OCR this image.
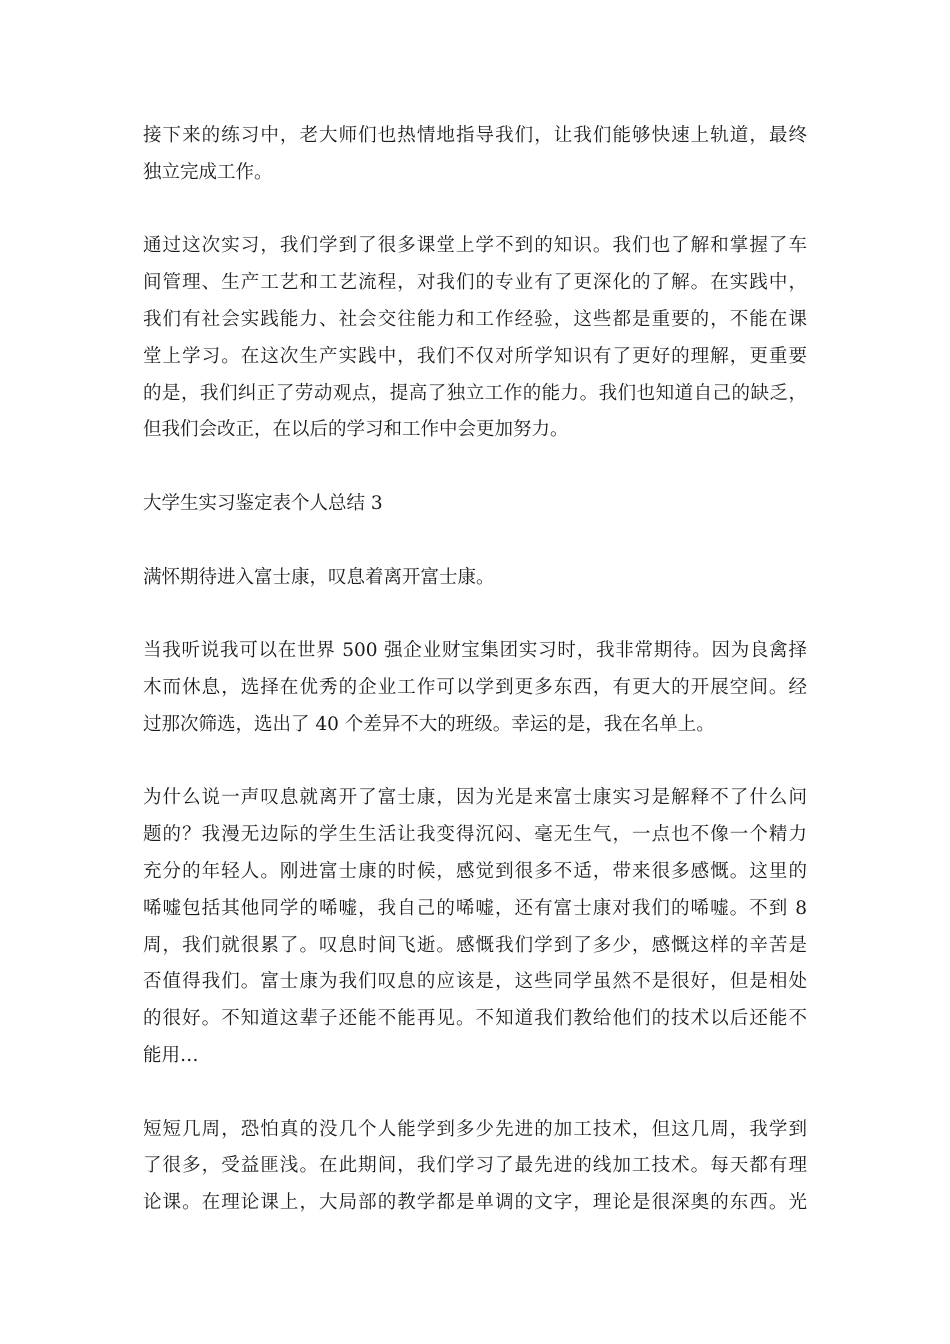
接下来的练习中，老大师们也热情地指导我们，让我们能够快速上轨道，最终
独立完成工作。

通过这次实习，我们学到了很多课堂上学不到的知识。我们也了解和掌握了车
间管理、生产工艺和工艺流程，对我们的专业有了更深化的了解。在实践中，
我们有社会实践能力、社会交往能力和工作经验，这些都是重要的，不能在课
堂上学习。在这次生产实践中，我们不仅对所学知识有了更好的理解，更重要
的是，我们纠正了劳动观点，提高了独立工作的能力。我们也知道自己的缺乏，
但我们会改正，在以后的学习和工作中会更加努力。

大学生实习鉴定表个人总结 3

满怀期待进入富士康，叹息着离开富士康。

当我听说我可以在世界 500 强企业财宝集团实习时，我非常期待。因为良禽择
木而休息，选择在优秀的企业工作可以学到更多东西，有更大的开展空间。经
过那次筛选，选出了 40 个差异不大的班级。幸运的是，我在名单上。

为什么说一声叹息就离开了富士康，因为光是来富士康实习是解释不了什么问
题的？我漫无边际的学生生活让我变得沉闷、毫无生气，一点也不像一个精力
充分的年轻人。刚进富士康的时候，感觉到很多不适，带来很多感慨。这里的
唏嘘包括其他同学的唏嘘，我自己的唏嘘，还有富士康对我们的唏嘘。不到 8
周，我们就很累了。叹息时间飞逝。感慨我们学到了多少，感慨这样的辛苦是
否值得我们。富士康为我们叹息的应该是，这些同学虽然不是很好，但是相处
的很好。不知道这辈子还能不能再见。不知道我们教给他们的技术以后还能不
能用…

短短几周，恐怕真的没几个人能学到多少先进的加工技术，但这几周，我学到
了很多，受益匪浅。在此期间，我们学习了最先进的线加工技术。每天都有理
论课。在理论课上，大局部的教学都是单调的文字，理论是很深奥的东西。光
